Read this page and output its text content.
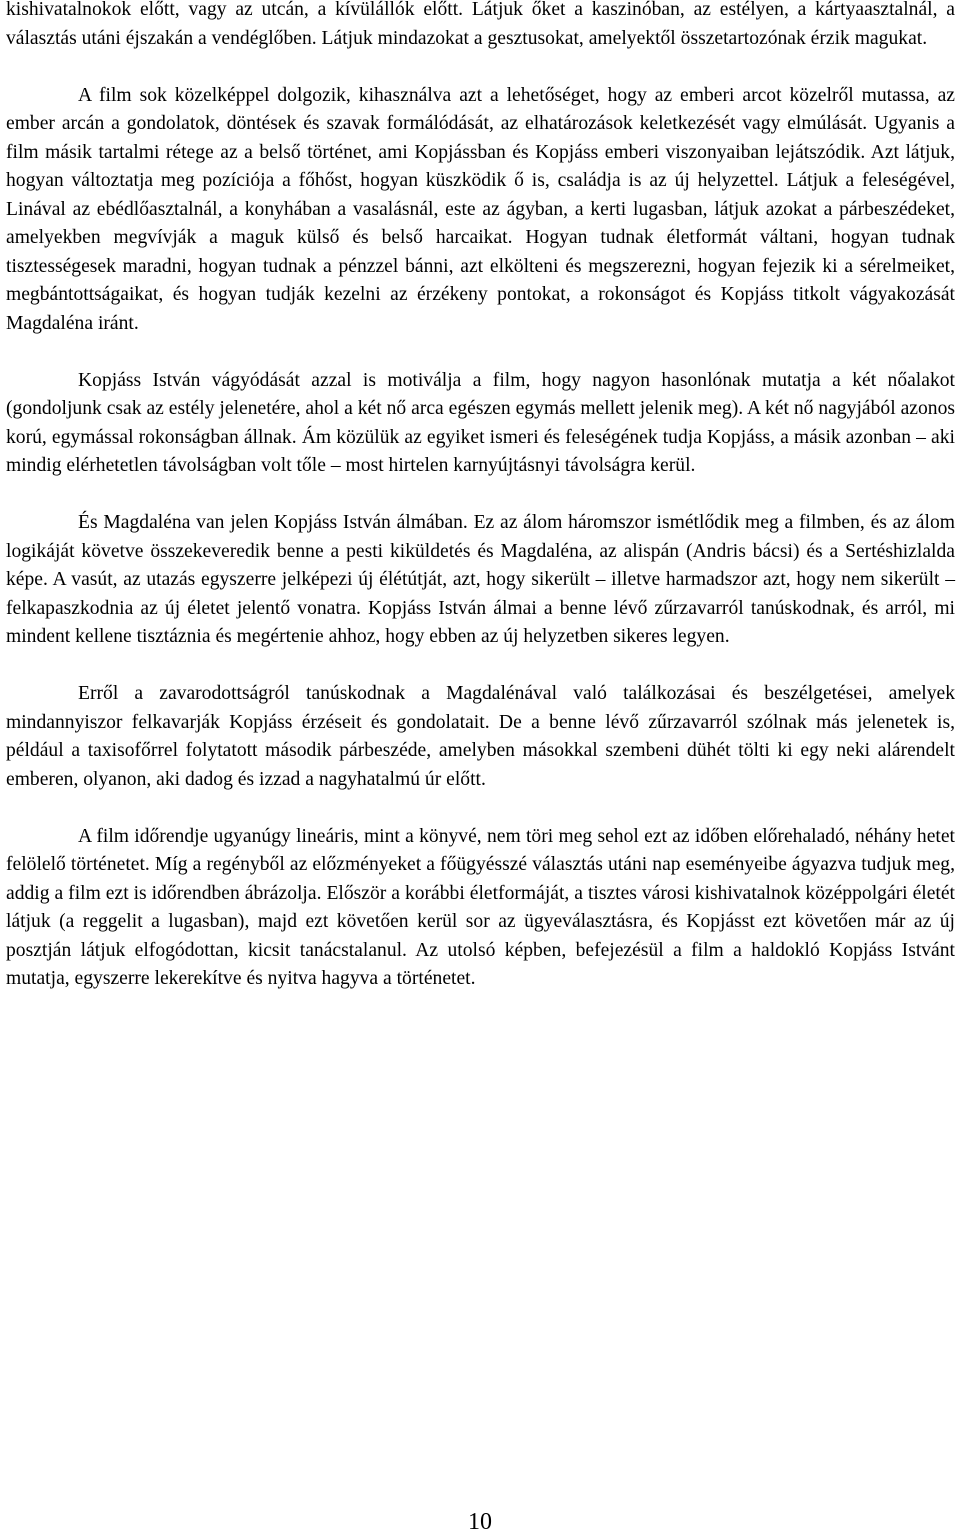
kishivatalnokok előtt, vagy az utcán, a kívülállók előtt. Látjuk őket a kaszinóban, az estélyen, a kártyaasztalnál, a választás utáni éjszakán a vendéglőben. Látjuk mindazokat a gesztusokat, amelyektől összetartozónak érzik magukat.

A film sok közelképpel dolgozik, kihasználva azt a lehetőséget, hogy az emberi arcot közelről mutassa, az ember arcán a gondolatok, döntések és szavak formálódását, az elhatározások keletkezését vagy elmúlását. Ugyanis a film másik tartalmi rétege az a belső történet, ami Kopjássban és Kopjáss emberi viszonyaiban lejátszódik. Azt látjuk, hogyan változtatja meg pozíciója a főhőst, hogyan küszködik ő is, családja is az új helyzettel. Látjuk a feleségével, Linával az ebédlőasztalnál, a konyhában a vasalásnál, este az ágyban, a kerti lugasban, látjuk azokat a párbeszédeket, amelyekben megvívják a maguk külső és belső harcaikat. Hogyan tudnak életformát váltani, hogyan tudnak tisztességesek maradni, hogyan tudnak a pénzzel bánni, azt elkölteni és megszerezni, hogyan fejezik ki a sérelmeiket, megbántottságaikat, és hogyan tudják kezelni az érzékeny pontokat, a rokonságot és Kopjáss titkolt vágyakozását Magdaléna iránt.

Kopjáss István vágyódását azzal is motiválja a film, hogy nagyon hasonlónak mutatja a két nőalakot (gondoljunk csak az estély jelenetére, ahol a két nő arca egészen egymás mellett jelenik meg). A két nő nagyjából azonos korú, egymással rokonságban állnak. Ám közülük az egyiket ismeri és feleségének tudja Kopjáss, a másik azonban – aki mindig elérhetetlen távolságban volt tőle – most hirtelen karnyújtásnyi távolságra kerül.

És Magdaléna van jelen Kopjáss István álmában. Ez az álom háromszor ismétlődik meg a filmben, és az álom logikáját követve összekeveredik benne a pesti kiküldetés és Magdaléna, az alispán (Andris bácsi) és a Sertéshizlalda képe. A vasút, az utazás egyszerre jelképezi új élétútját, azt, hogy sikerült – illetve harmadszor azt, hogy nem sikerült – felkapaszkodnia az új életet jelentő vonatra. Kopjáss István álmai a benne lévő zűrzavarról tanúskodnak, és arról, mi mindent kellene tisztáznia és megértenie ahhoz, hogy ebben az új helyzetben sikeres legyen.

Erről a zavarodottságról tanúskodnak a Magdalénával való találkozásai és beszélgetései, amelyek mindannyiszor felkavarják Kopjáss érzéseit és gondolatait. De a benne lévő zűrzavarról szólnak más jelenetek is, például a taxisofőrrel folytatott második párbeszéde, amelyben másokkal szembeni dühét tölti ki egy neki alárendelt emberen, olyanon, aki dadog és izzad a nagyhatalmú úr előtt.

A film időrendje ugyanúgy lineáris, mint a könyvé, nem töri meg sehol ezt az időben előrehaladó, néhány hetet felölelő történetet. Míg a regényből az előzményeket a főügyésszé választás utáni nap eseményeibe ágyazva tudjuk meg, addig a film ezt is időrendben ábrázolja. Először a korábbi életformáját, a tisztes városi kishivatalnok középpolgári életét látjuk (a reggelit a lugasban), majd ezt követően kerül sor az ügyeválasztásra, és Kopjásst ezt követően már az új posztján látjuk elfogódottan, kicsit tanácstalanul. Az utolsó képben, befejezésül a film a haldokló Kopjáss Istvánt mutatja, egyszerre lekerekítve és nyitva hagyva a történetet.

10
